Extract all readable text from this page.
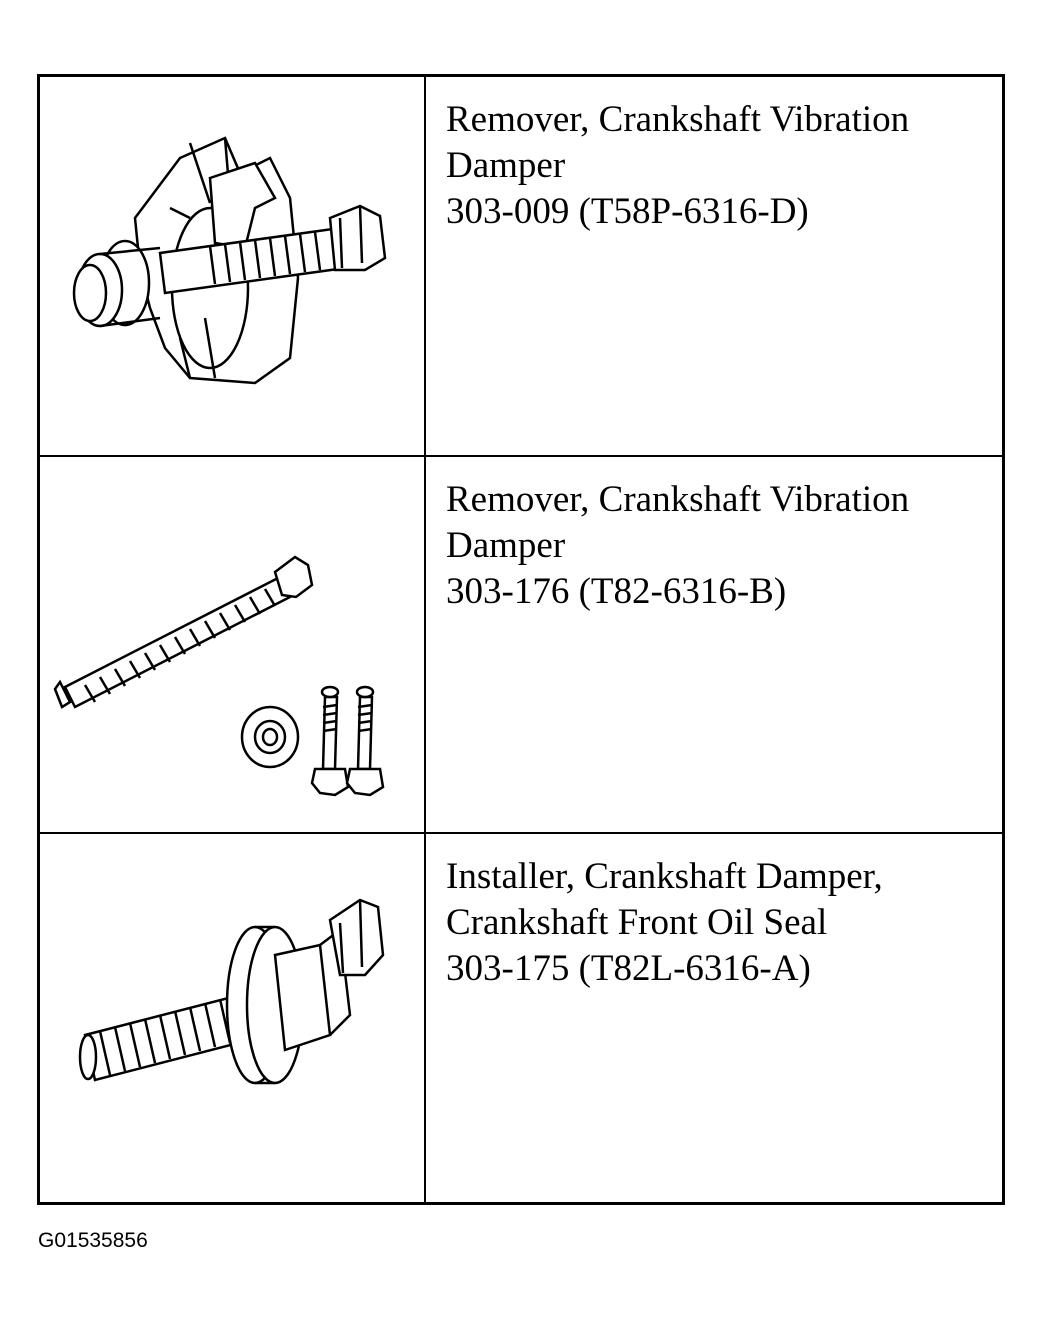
Remover, Crankshaft Vibration
Damper
303-009 (T58P-6316-D)
Remover, Crankshaft Vibration
Damper
303-176 (T82-6316-B)
Installer, Crankshaft Damper,
Crankshaft Front Oil Seal
303-175 (T82L-6316-A)
G01535856
